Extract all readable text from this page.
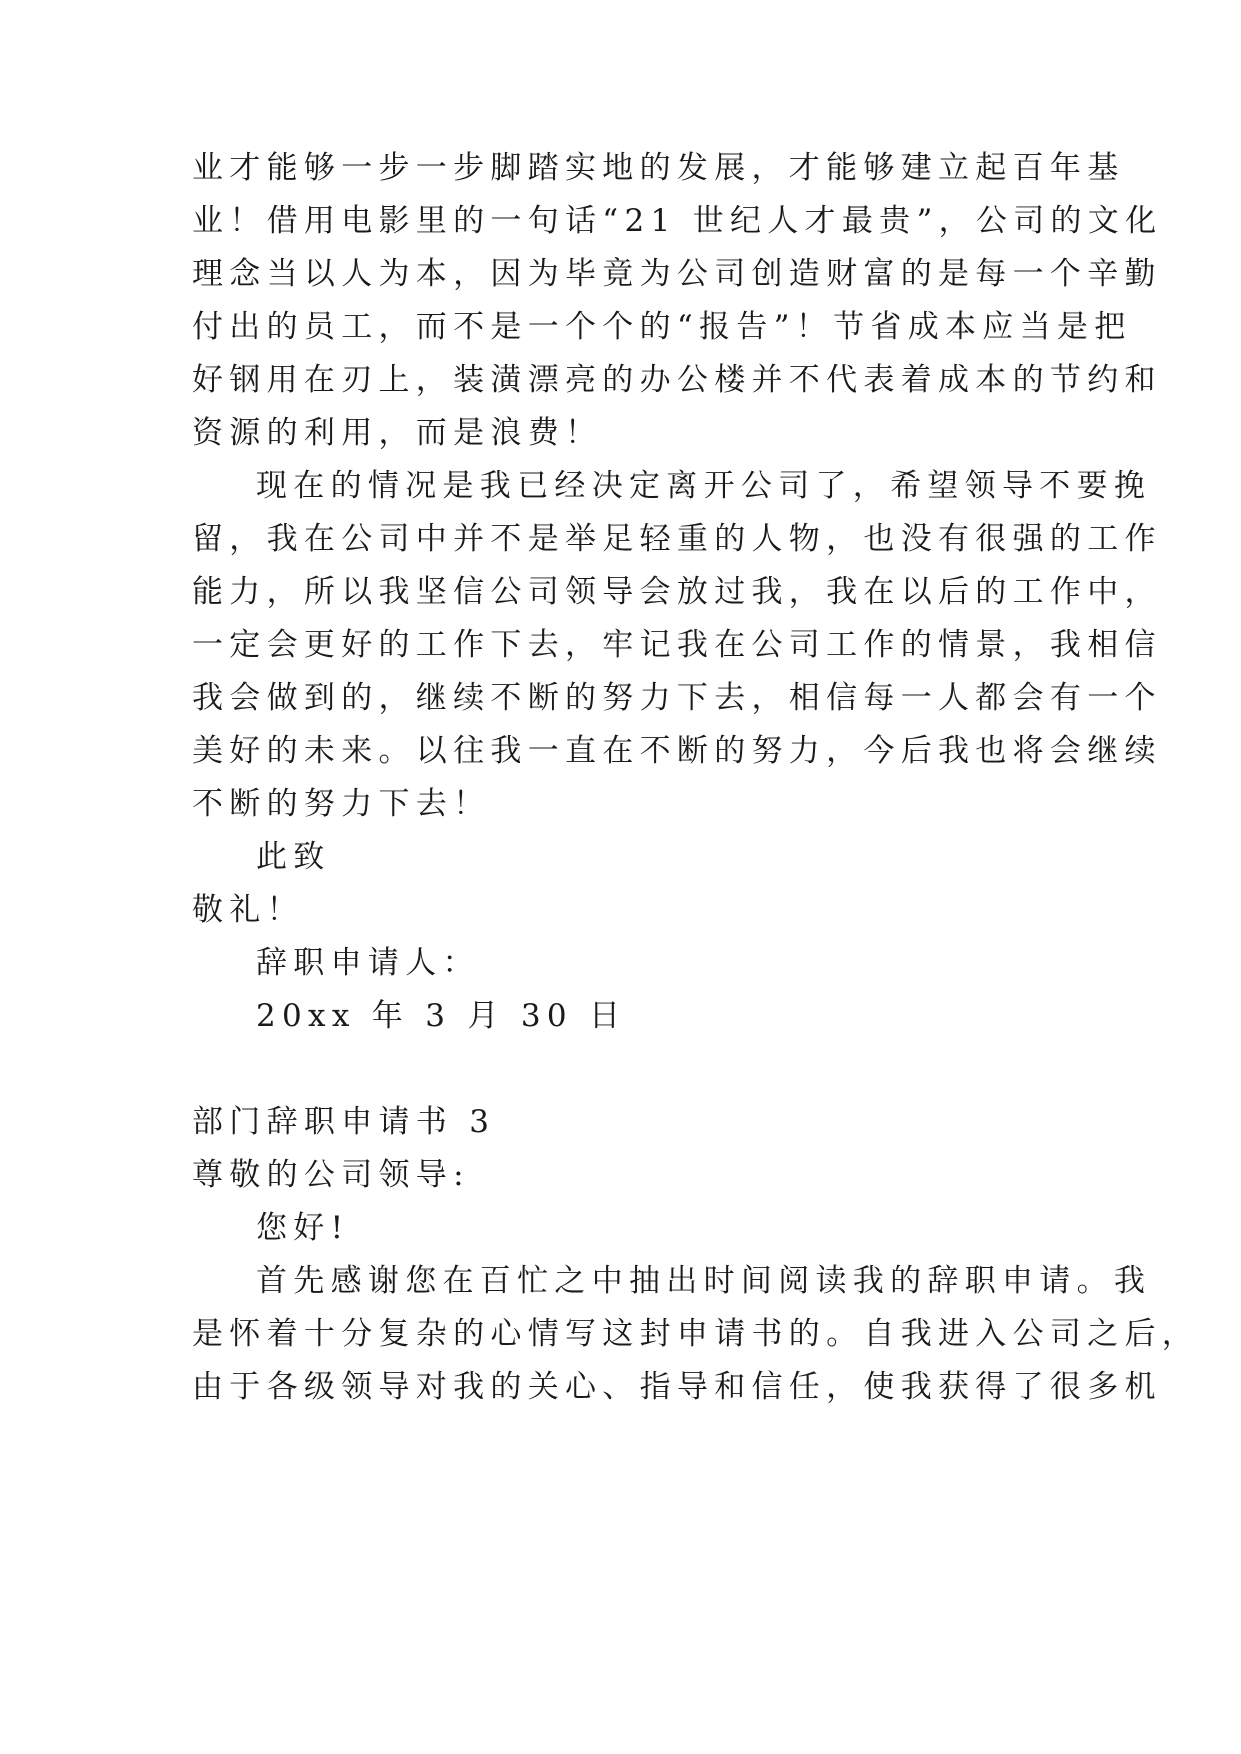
业才能够一步一步脚踏实地的发展，才能够建立起百年基
业！借用电影里的一句话“21 世纪人才最贵”，公司的文化
理念当以人为本，因为毕竟为公司创造财富的是每一个辛勤
付出的员工，而不是一个个的“报告”！节省成本应当是把
好钢用在刃上，装潢漂亮的办公楼并不代表着成本的节约和
资源的利用，而是浪费！
现在的情况是我已经决定离开公司了，希望领导不要挽
留，我在公司中并不是举足轻重的人物，也没有很强的工作
能力，所以我坚信公司领导会放过我，我在以后的工作中，
一定会更好的工作下去，牢记我在公司工作的情景，我相信
我会做到的，继续不断的努力下去，相信每一人都会有一个
美好的未来。以往我一直在不断的努力，今后我也将会继续
不断的努力下去！
此致
敬礼！
辞职申请人：
20xx 年 3 月 30 日
部门辞职申请书 3
尊敬的公司领导:
您好!
首先感谢您在百忙之中抽出时间阅读我的辞职申请。我
是怀着十分复杂的心情写这封申请书的。自我进入公司之后，
由于各级领导对我的关心、指导和信任，使我获得了很多机
